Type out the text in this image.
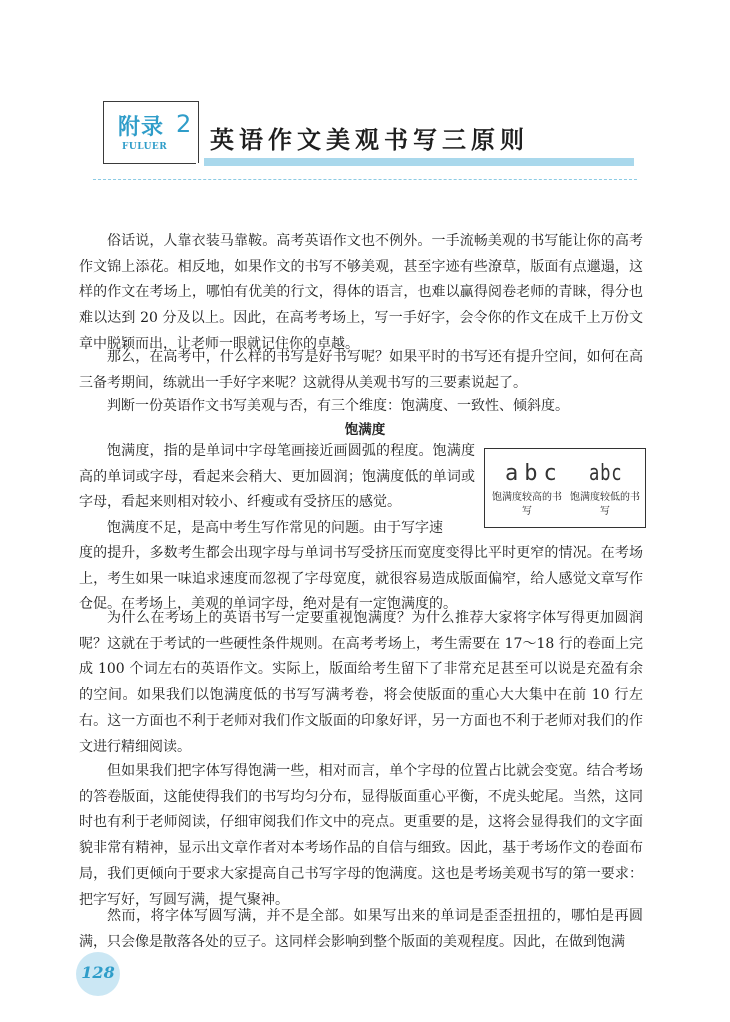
附录 2
FULUER 英语作文美观书写三原则
俗话说，人靠衣装马靠鞍。高考英语作文也不例外。一手流畅美观的书写能让你的高考作文锦上添花。相反地，如果作文的书写不够美观，甚至字迹有些潦草，版面有点邋遢，这样的作文在考场上，哪怕有优美的行文，得体的语言，也难以赢得阅卷老师的青睐，得分也难以达到 20 分及以上。因此，在高考考场上，写一手好字，会令你的作文在成千上万份文章中脱颖而出，让老师一眼就记住你的卓越。
那么，在高考中，什么样的书写是好书写呢？如果平时的书写还有提升空间，如何在高三备考期间，练就出一手好字来呢？这就得从美观书写的三要素说起了。
判断一份英语作文书写美观与否，有三个维度：饱满度、一致性、倾斜度。
饱满度
饱满度，指的是单词中字母笔画接近画圆弧的程度。饱满度高的单词或字母，看起来会稍大、更加圆润；饱满度低的单词或字母，看起来则相对较小、纤瘦或有受挤压的感觉。
饱满度不足，是高中考生写作常见的问题。由于写字速
度的提升，多数考生都会出现字母与单词书写受挤压而宽度变得比平时更窄的情况。在考场上，考生如果一味追求速度而忽视了字母宽度，就很容易造成版面偏窄，给人感觉文章写作仓促。在考场上，美观的单词字母，绝对是有一定饱满度的。
为什么在考场上的英语书写一定要重视饱满度？为什么推荐大家将字体写得更加圆润呢？这就在于考试的一些硬性条件规则。在高考考场上，考生需要在 17～18 行的卷面上完成 100 个词左右的英语作文。实际上，版面给考生留下了非常充足甚至可以说是充盈有余的空间。如果我们以饱满度低的书写写满考卷，将会使版面的重心大大集中在前 10 行左右。这一方面也不利于老师对我们作文版面的印象好评，另一方面也不利于老师对我们的作文进行精细阅读。
但如果我们把字体写得饱满一些，相对而言，单个字母的位置占比就会变宽。结合考场的答卷版面，这能使得我们的书写均匀分布，显得版面重心平衡，不虎头蛇尾。当然，这同时也有利于老师阅读，仔细审阅我们作文中的亮点。更重要的是，这将会显得我们的文字面貌非常有精神，显示出文章作者对本考场作品的自信与细致。因此，基于考场作文的卷面布局，我们更倾向于要求大家提高自己书写字母的饱满度。这也是考场美观书写的第一要求：把字写好，写圆写满，提气聚神。
然而，将字体写圆写满，并不是全部。如果写出来的单词是歪歪扭扭的，哪怕是再圆满，只会像是散落各处的豆子。这同样会影响到整个版面的美观程度。因此，在做到饱满
abc abc
饱满度较高的书写
饱满度较低的书写
128
